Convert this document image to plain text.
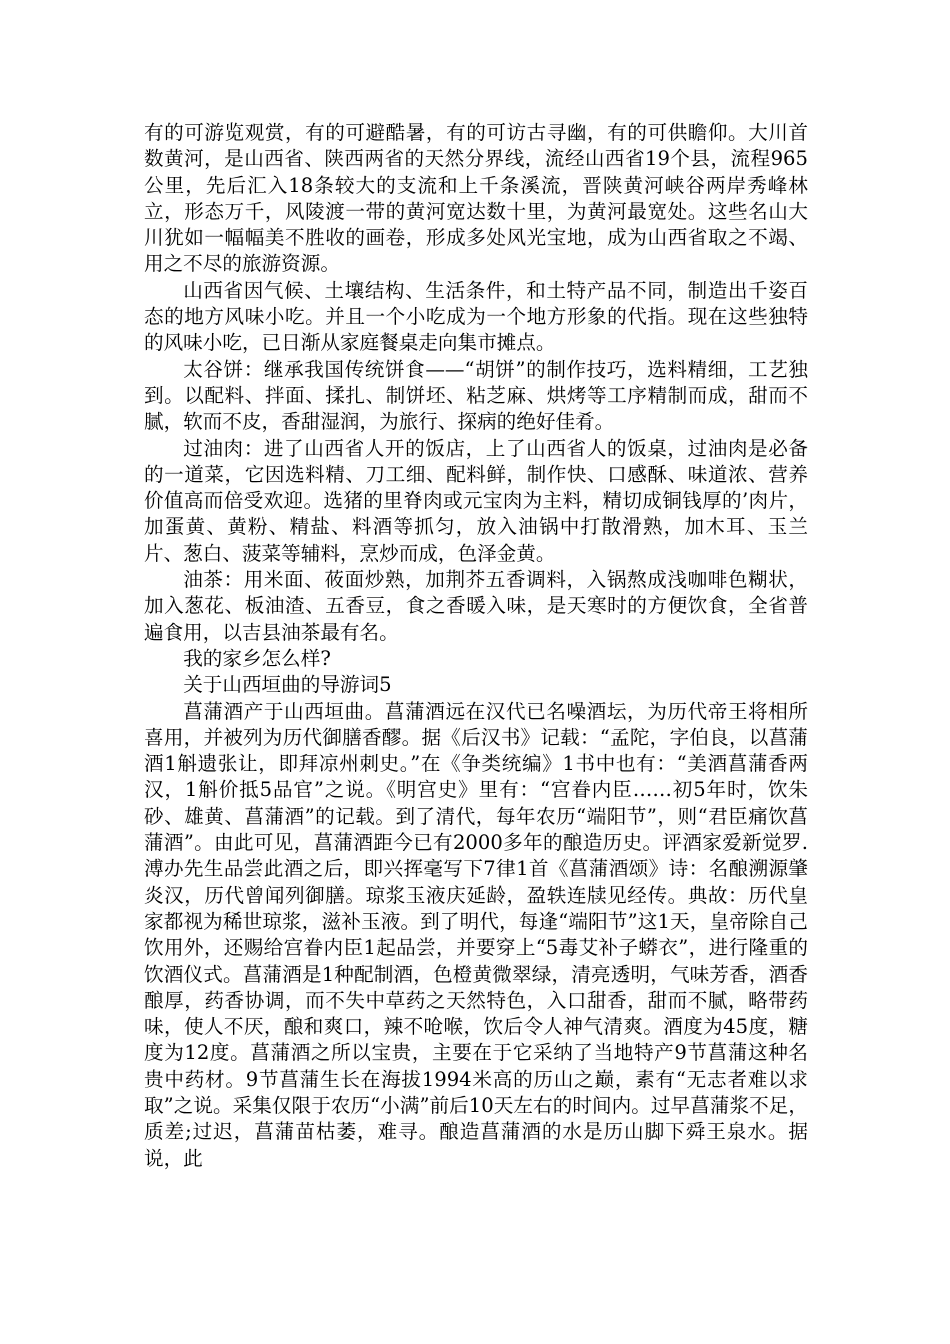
有的可游览观赏，有的可避酷暑，有的可访古寻幽，有的可供瞻仰。大川首数黄河，是山西省、陕西两省的天然分界线，流经山西省19个县，流程965公里，先后汇入18条较大的支流和上千条溪流，晋陕黄河峡谷两岸秀峰林立，形态万千，风陵渡一带的黄河宽达数十里，为黄河最宽处。这些名山大川犹如一幅幅美不胜收的画卷，形成多处风光宝地，成为山西省取之不竭、用之不尽的旅游资源。

山西省因气候、土壤结构、生活条件，和土特产品不同，制造出千姿百态的地方风味小吃。并且一个小吃成为一个地方形象的代指。现在这些独特的风味小吃，已日渐从家庭餐桌走向集市摊点。

太谷饼：继承我国传统饼食——“胡饼”的制作技巧，选料精细，工艺独到。以配料、拌面、揉扎、制饼坯、粘芝麻、烘烤等工序精制而成，甜而不腻，软而不皮，香甜湿润，为旅行、探病的绝好佳肴。

过油肉：进了山西省人开的饭店，上了山西省人的饭桌，过油肉是必备的一道菜，它因选料精、刀工细、配料鲜，制作快、口感酥、味道浓、营养价值高而倍受欢迎。选猪的里脊肉或元宝肉为主料，精切成铜钱厚的’肉片，加蛋黄、黄粉、精盐、料酒等抓匀，放入油锅中打散滑熟，加木耳、玉兰片、葱白、菠菜等辅料，烹炒而成，色泽金黄。

油茶：用米面、莜面炒熟，加荆芥五香调料，入锅熬成浅咖啡色糊状，加入葱花、板油渣、五香豆，食之香暖入味，是天寒时的方便饮食，全省普遍食用，以吉县油茶最有名。

我的家乡怎么样?

关于山西垣曲的导游词5

菖蒲酒产于山西垣曲。菖蒲酒远在汉代已名噪酒坛，为历代帝王将相所喜用，并被列为历代御膳香醪。据《后汉书》记载：“孟陀，字伯良，以菖蒲酒1斛遗张让，即拜凉州刺史。”在《争类统编》1书中也有：“美酒菖蒲香两汉，1斛价抵5品官”之说。《明宫史》里有：“宫眷内臣……初5年时，饮朱砂、雄黄、菖蒲酒”的记载。到了清代，每年农历“端阳节”，则“君臣痛饮菖蒲酒”。由此可见，菖蒲酒距今已有2000多年的酿造历史。评酒家爱新觉罗.溥办先生品尝此酒之后，即兴挥毫写下7律1首《菖蒲酒颂》诗：名酿溯源肇炎汉，历代曾闻列御膳。琼浆玉液庆延龄，盈轶连牍见经传。典故：历代皇家都视为稀世琼浆，滋补玉液。到了明代，每逢“端阳节”这1天，皇帝除自己饮用外，还赐给宫眷内臣1起品尝，并要穿上“5毒艾补子蟒衣”，进行隆重的饮酒仪式。菖蒲酒是1种配制酒，色橙黄微翠绿，清亮透明，气味芳香，酒香酿厚，药香协调，而不失中草药之天然特色，入口甜香，甜而不腻，略带药味，使人不厌，酿和爽口，辣不呛喉，饮后令人神气清爽。酒度为45度，糖度为12度。菖蒲酒之所以宝贵，主要在于它采纳了当地特产9节菖蒲这种名贵中药材。9节菖蒲生长在海拔1994米高的历山之巅，素有“无志者难以求取”之说。采集仅限于农历“小满”前后10天左右的时间内。过早菖蒲浆不足，质差;过迟，菖蒲苗枯萎，难寻。酿造菖蒲酒的水是历山脚下舜王泉水。据说，此
